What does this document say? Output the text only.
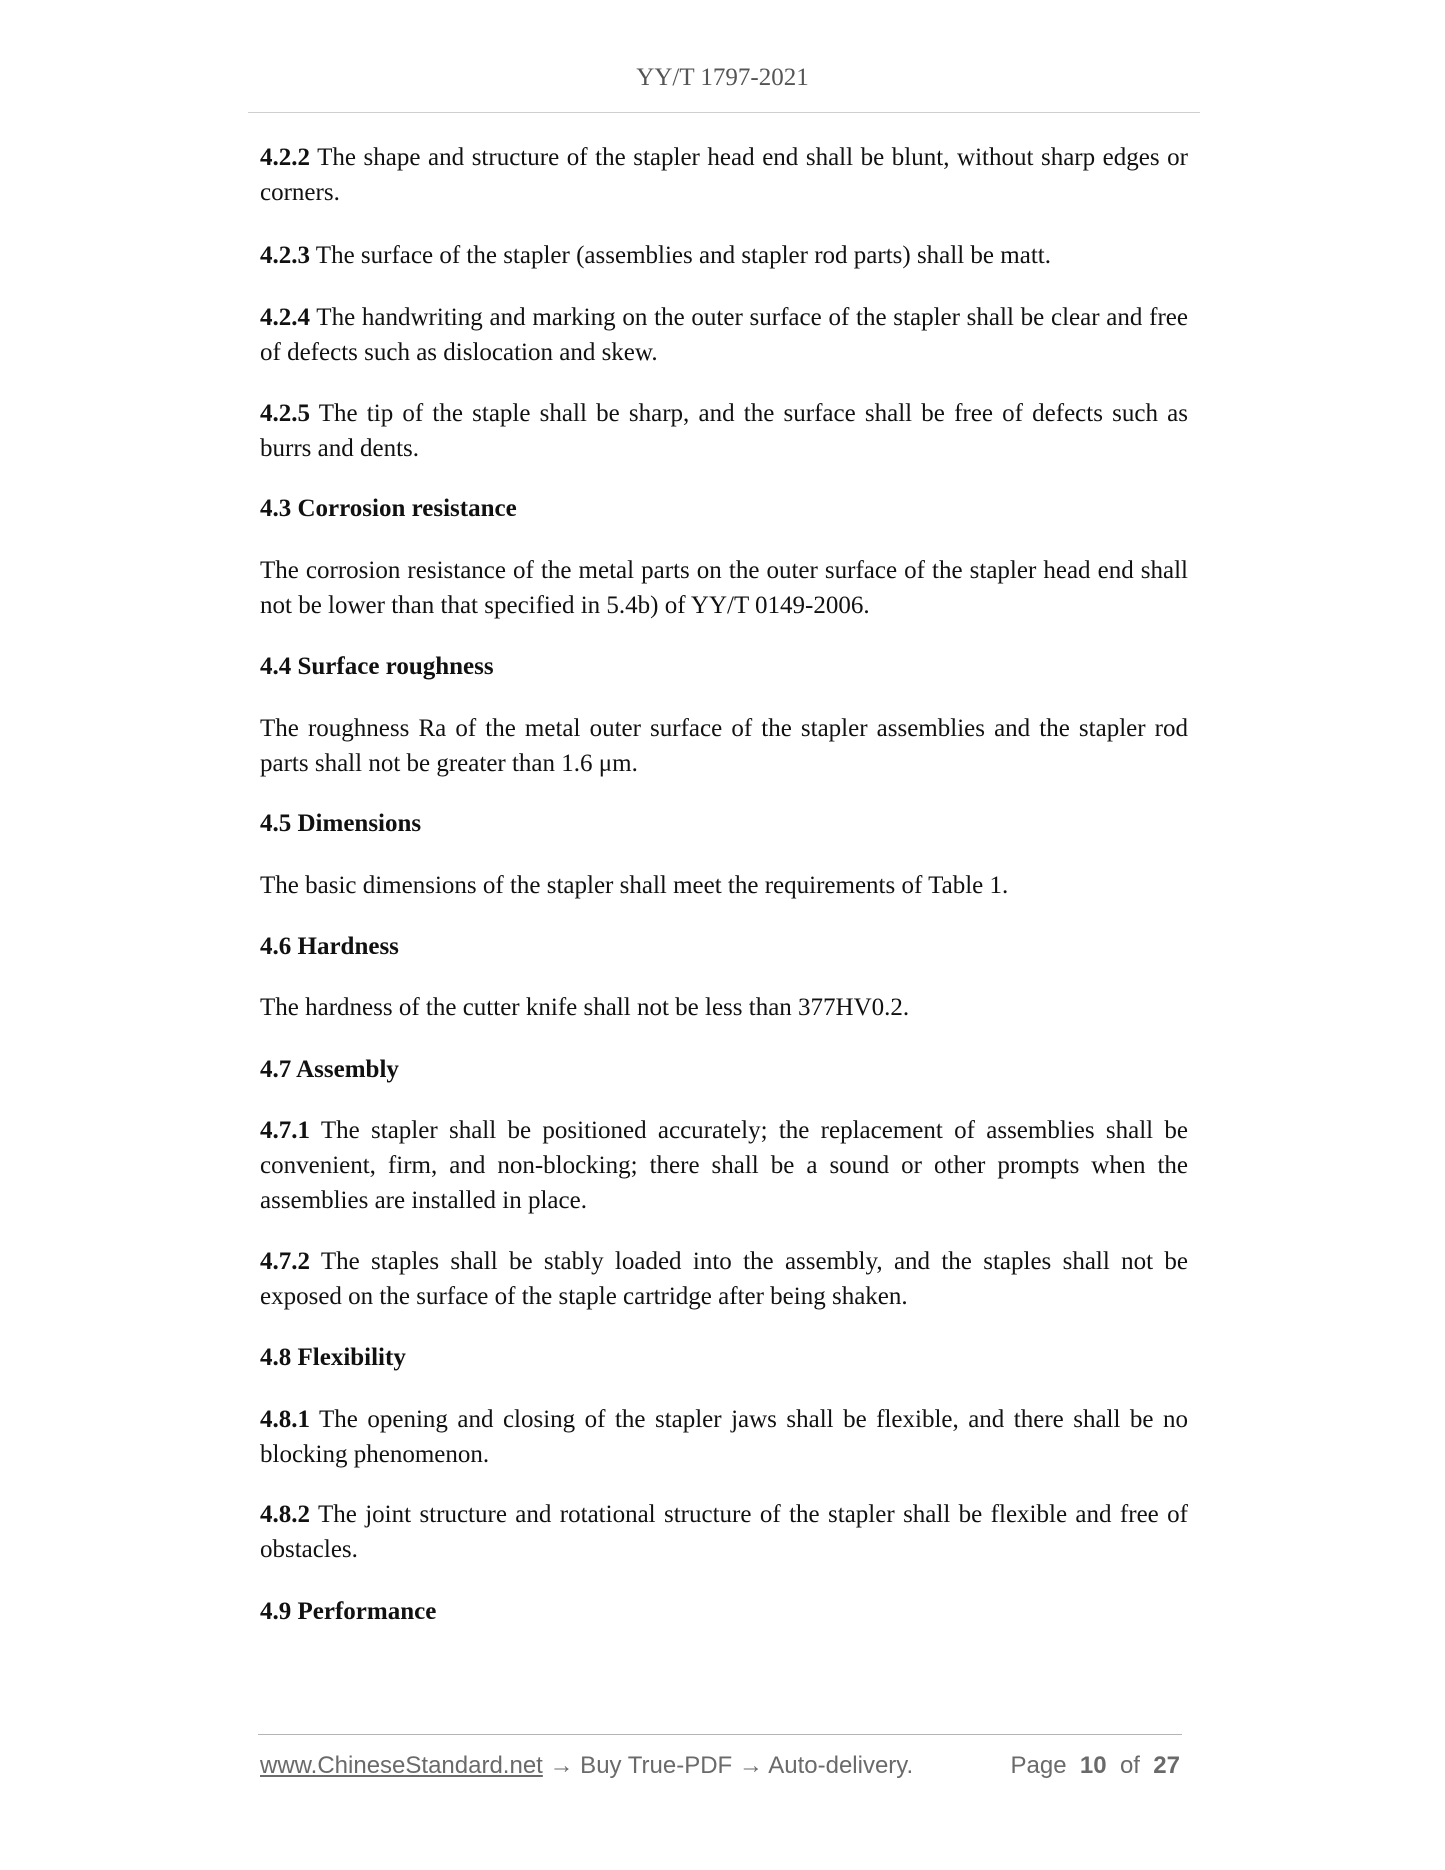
YY/T 1797-2021

4.2.2 The shape and structure of the stapler head end shall be blunt, without sharp edges or corners.

4.2.3 The surface of the stapler (assemblies and stapler rod parts) shall be matt.

4.2.4 The handwriting and marking on the outer surface of the stapler shall be clear and free of defects such as dislocation and skew.

4.2.5 The tip of the staple shall be sharp, and the surface shall be free of defects such as burrs and dents.

4.3 Corrosion resistance

The corrosion resistance of the metal parts on the outer surface of the stapler head end shall not be lower than that specified in 5.4b) of YY/T 0149-2006.

4.4 Surface roughness

The roughness Ra of the metal outer surface of the stapler assemblies and the stapler rod parts shall not be greater than 1.6 μm.

4.5 Dimensions

The basic dimensions of the stapler shall meet the requirements of Table 1.

4.6 Hardness

The hardness of the cutter knife shall not be less than 377HV0.2.

4.7 Assembly

4.7.1 The stapler shall be positioned accurately; the replacement of assemblies shall be convenient, firm, and non-blocking; there shall be a sound or other prompts when the assemblies are installed in place.

4.7.2 The staples shall be stably loaded into the assembly, and the staples shall not be exposed on the surface of the staple cartridge after being shaken.

4.8 Flexibility

4.8.1 The opening and closing of the stapler jaws shall be flexible, and there shall be no blocking phenomenon.

4.8.2 The joint structure and rotational structure of the stapler shall be flexible and free of obstacles.

4.9 Performance
www.ChineseStandard.net → Buy True-PDF → Auto-delivery.	Page 10 of 27
